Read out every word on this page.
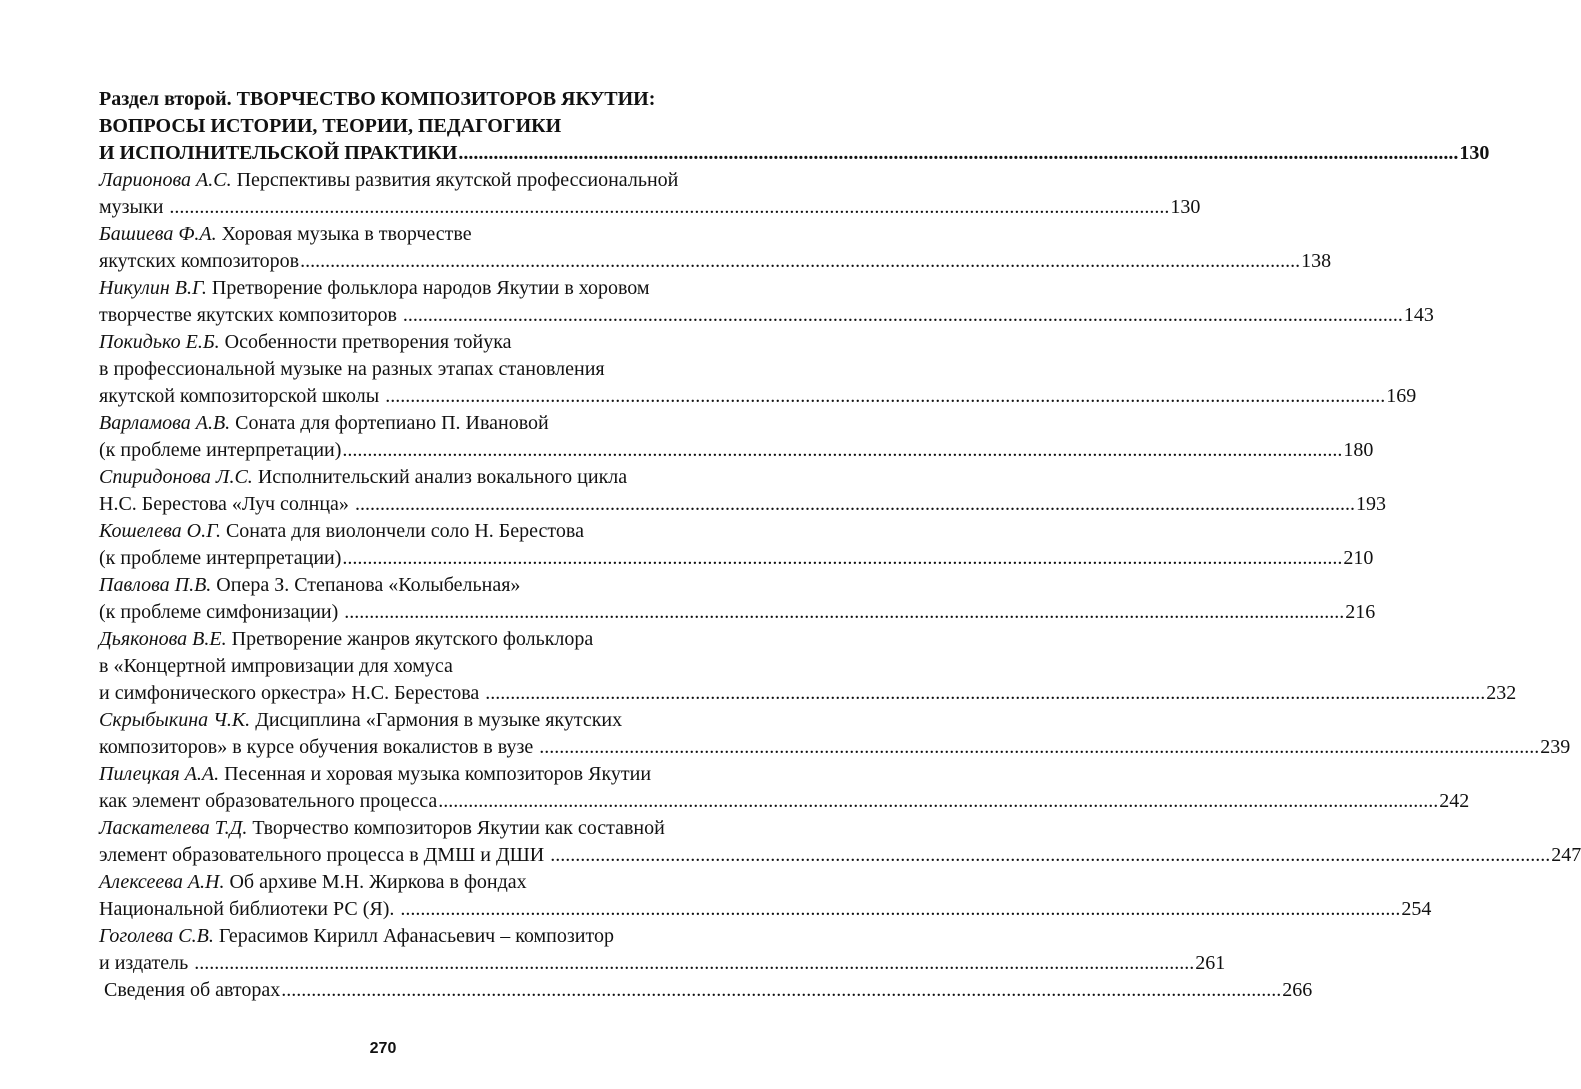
Раздел второй. ТВОРЧЕСТВО КОМПОЗИТОРОВ ЯКУТИИ:
ВОПРОСЫ ИСТОРИИ, ТЕОРИИ, ПЕДАГОГИКИ
И ИСПОЛНИТЕЛЬСКОЙ ПРАКТИКИ ........................................................................................................................................................................................................ 130
Ларионова А.С. Перспективы развития якутской профессиональной
музыки ........................................................................................................................................................................................................ 130
Башиева Ф.А. Хоровая музыка в творчестве
якутских композиторов ........................................................................................................................................................................................................ 138
Никулин В.Г. Претворение фольклора народов Якутии в хоровом
творчестве якутских композиторов ........................................................................................................................................................................................................ 143
Покидько Е.Б. Особенности претворения тойука
в профессиональной музыке на разных этапах становления
якутской композиторской школы ........................................................................................................................................................................................................ 169
Варламова А.В. Соната для фортепиано П. Ивановой
(к проблеме интерпретации) ........................................................................................................................................................................................................ 180
Спиридонова Л.С. Исполнительский анализ вокального цикла
Н.С. Берестова «Луч солнца» ........................................................................................................................................................................................................ 193
Кошелева О.Г. Соната для виолончели соло Н. Берестова
(к проблеме интерпретации) ........................................................................................................................................................................................................ 210
Павлова П.В. Опера З. Степанова «Колыбельная»
(к проблеме симфонизации) ........................................................................................................................................................................................................ 216
Дьяконова В.Е. Претворение жанров якутского фольклора
в «Концертной импровизации для хомуса
и симфонического оркестра» Н.С. Берестова ........................................................................................................................................................................................................ 232
Скрыбыкина Ч.К. Дисциплина «Гармония в музыке якутских
композиторов» в курсе обучения вокалистов в вузе ........................................................................................................................................................................................................ 239
Пилецкая А.А. Песенная и хоровая музыка композиторов Якутии
как элемент образовательного процесса ........................................................................................................................................................................................................ 242
Ласкателева Т.Д. Творчество композиторов Якутии как составной
элемент образовательного процесса в ДМШ и ДШИ ........................................................................................................................................................................................................ 247
Алексеева А.Н. Об архиве М.Н. Жиркова в фондах
Национальной библиотеки РС (Я). ........................................................................................................................................................................................................ 254
Гоголева С.В. Герасимов Кирилл Афанасьевич – композитор
и издатель ........................................................................................................................................................................................................ 261
Сведения об авторах ........................................................................................................................................................................................................ 266
270
